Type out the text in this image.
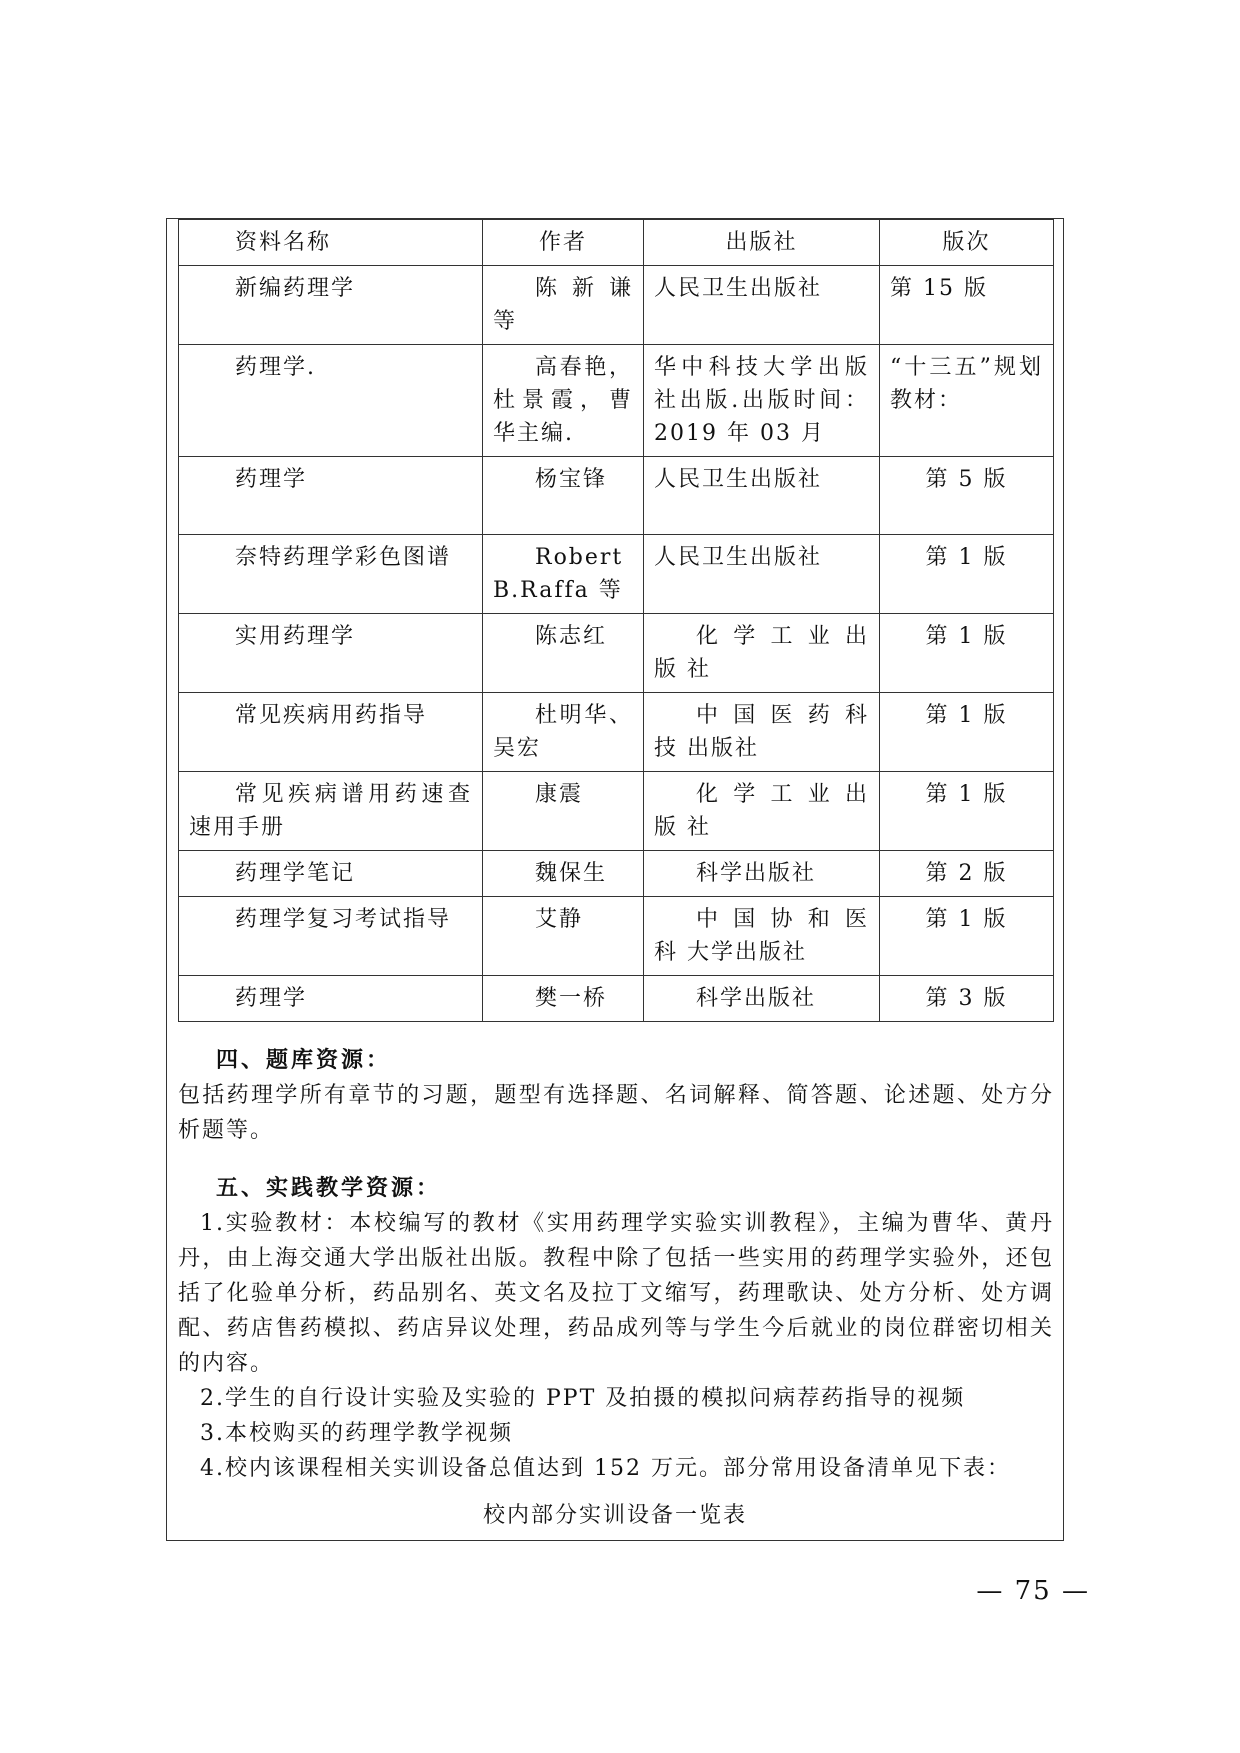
资料名称	作者	出版社	版次
新编药理学	陈 新 谦 等	人民卫生出版社	第 15 版
药理学.	高春艳，杜景霞，曹华主编.	华中科技大学出版社出版.出版时间：2019 年 03 月	“十三五”规划教材：
药理学	杨宝锋	人民卫生出版社	第 5 版
奈特药理学彩色图谱	Robert B.Raffa 等	人民卫生出版社	第 1 版
实用药理学	陈志红	化 学 工 业 出 版 社	第 1 版
常见疾病用药指导	杜明华、吴宏	中 国 医 药 科 技 出版社	第 1 版
常见疾病谱用药速查速用手册	康震	化 学 工 业 出 版 社	第 1 版
药理学笔记	魏保生	科学出版社	第 2 版
药理学复习考试指导	艾静	中 国 协 和 医 科 大学出版社	第 1 版
药理学	樊一桥	科学出版社	第 3 版
四、题库资源：
包括药理学所有章节的习题，题型有选择题、名词解释、简答题、论述题、处方分析题等。
五、实践教学资源：
1.实验教材：本校编写的教材《实用药理学实验实训教程》，主编为曹华、黄丹丹，由上海交通大学出版社出版。教程中除了包括一些实用的药理学实验外，还包括了化验单分析，药品别名、英文名及拉丁文缩写，药理歌诀、处方分析、处方调配、药店售药模拟、药店异议处理，药品成列等与学生今后就业的岗位群密切相关的内容。
2.学生的自行设计实验及实验的 PPT 及拍摄的模拟问病荐药指导的视频
3.本校购买的药理学教学视频
4.校内该课程相关实训设备总值达到 152 万元。部分常用设备清单见下表：
校内部分实训设备一览表
— 75 —
